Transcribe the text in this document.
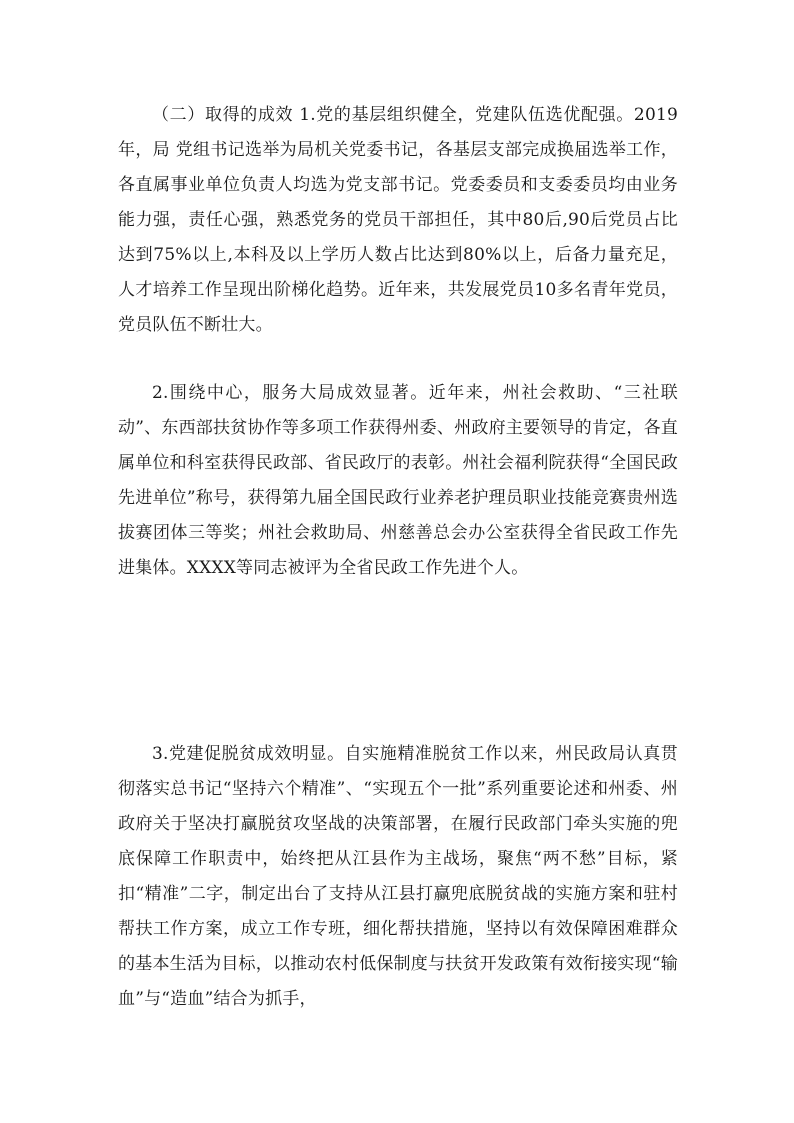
（二）取得的成效 1.党的基层组织健全，党建队伍选优配强。2019年，局 党组书记选举为局机关党委书记，各基层支部完成换届选举工作，各直属事业单位负责人均选为党支部书记。党委委员和支委委员均由业务能力强，责任心强，熟悉党务的党员干部担任，其中80后,90后党员占比达到75%以上,本科及以上学历人数占比达到80%以上，后备力量充足，人才培养工作呈现出阶梯化趋势。近年来，共发展党员10多名青年党员，党员队伍不断壮大。

2.围绕中心，服务大局成效显著。近年来，州社会救助、“三社联动”、东西部扶贫协作等多项工作获得州委、州政府主要领导的肯定，各直属单位和科室获得民政部、省民政厅的表彰。州社会福利院获得“全国民政先进单位”称号，获得第九届全国民政行业养老护理员职业技能竞赛贵州选拔赛团体三等奖；州社会救助局、州慈善总会办公室获得全省民政工作先进集体。XXXX等同志被评为全省民政工作先进个人。

3.党建促脱贫成效明显。自实施精准脱贫工作以来，州民政局认真贯彻落实总书记“坚持六个精准”、“实现五个一批”系列重要论述和州委、州政府关于坚决打赢脱贫攻坚战的决策部署，在履行民政部门牵头实施的兜底保障工作职责中，始终把从江县作为主战场，聚焦“两不愁”目标，紧扣“精准”二字，制定出台了支持从江县打赢兜底脱贫战的实施方案和驻村帮扶工作方案，成立工作专班，细化帮扶措施，坚持以有效保障困难群众的基本生活为目标，以推动农村低保制度与扶贫开发政策有效衔接实现“输血”与“造血”结合为抓手，
